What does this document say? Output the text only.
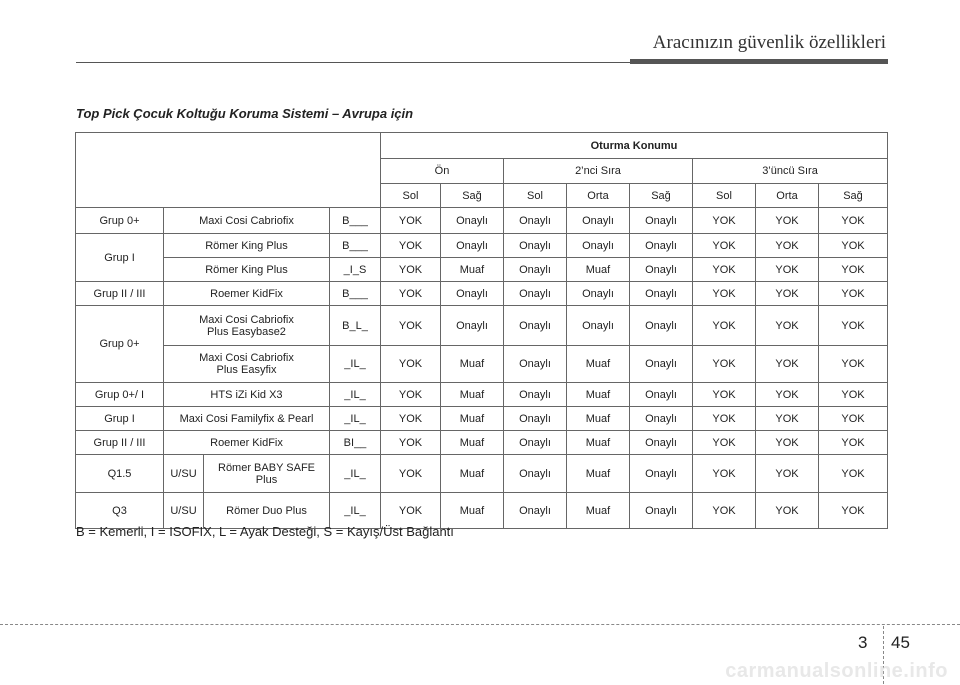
Aracınızın güvenlik özellikleri
Top Pick Çocuk Koltuğu Koruma Sistemi – Avrupa için
				Oturma Konumu							
				Ön		2’nci Sıra			3’üncü Sıra		
				Sol	Sağ	Sol	Orta	Sağ	Sol	Orta	Sağ
Grup 0+	Maxi Cosi Cabriofix		B___	YOK	Onaylı	Onaylı	Onaylı	Onaylı	YOK	YOK	YOK
Grup I	Römer King Plus		B___	YOK	Onaylı	Onaylı	Onaylı	Onaylı	YOK	YOK	YOK
	Römer King Plus		_I_S	YOK	Muaf	Onaylı	Muaf	Onaylı	YOK	YOK	YOK
Grup II / III	Roemer KidFix		B___	YOK	Onaylı	Onaylı	Onaylı	Onaylı	YOK	YOK	YOK
Grup 0+	Maxi Cosi Cabriofix
Plus Easybase2		B_L_	YOK	Onaylı	Onaylı	Onaylı	Onaylı	YOK	YOK	YOK
	Maxi Cosi Cabriofix
Plus Easyfix		_IL_	YOK	Muaf	Onaylı	Muaf	Onaylı	YOK	YOK	YOK
Grup 0+/ I	HTS iZi Kid X3		_IL_	YOK	Muaf	Onaylı	Muaf	Onaylı	YOK	YOK	YOK
Grup I	Maxi Cosi Familyfix & Pearl		_IL_	YOK	Muaf	Onaylı	Muaf	Onaylı	YOK	YOK	YOK
Grup II / III	Roemer KidFix		BI__	YOK	Muaf	Onaylı	Muaf	Onaylı	YOK	YOK	YOK
Q1.5	U/SU	Römer BABY SAFE
Plus	_IL_	YOK	Muaf	Onaylı	Muaf	Onaylı	YOK	YOK	YOK
Q3	U/SU	Römer Duo Plus	_IL_	YOK	Muaf	Onaylı	Muaf	Onaylı	YOK	YOK	YOK
B = Kemerli, I = ISOFIX, L = Ayak Desteği, S = Kayış/Üst Bağlantı
3 45
carmanualsonline.info
